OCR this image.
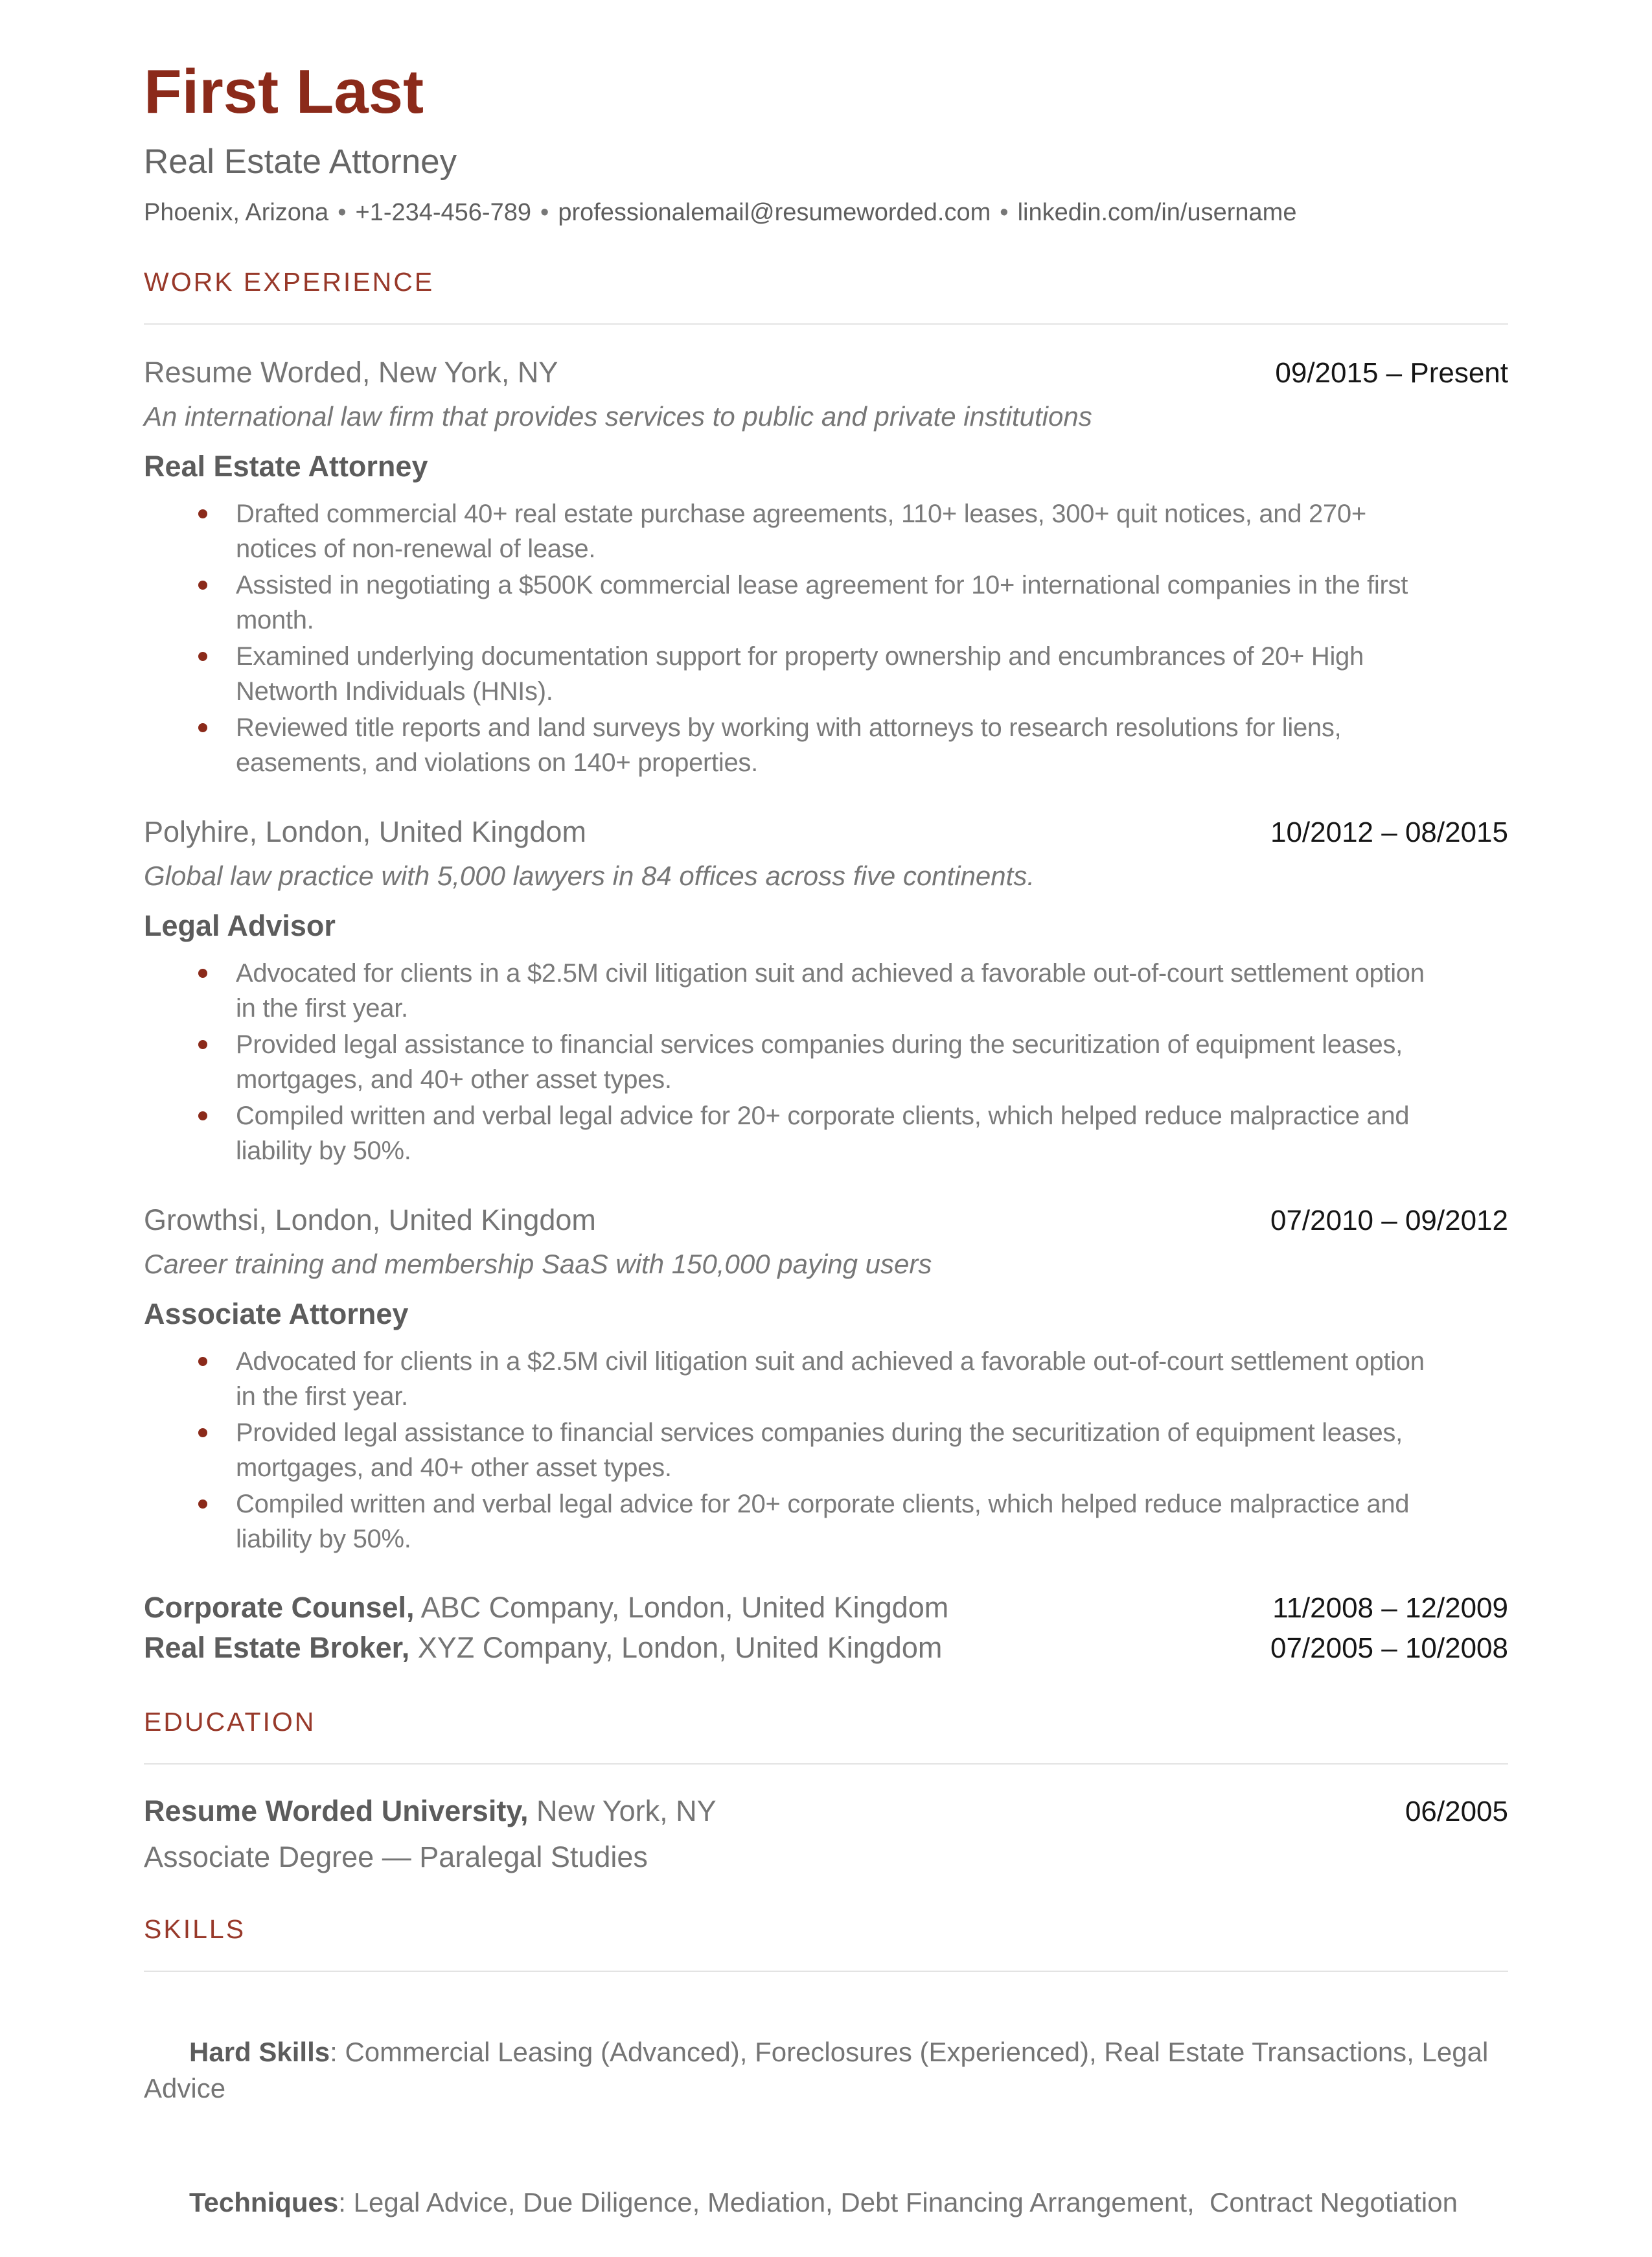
First Last
Real Estate Attorney
Phoenix, Arizona • +1-234-456-789 • professionalemail@resumeworded.com • linkedin.com/in/username
WORK EXPERIENCE
Resume Worded, New York, NY	09/2015 – Present
An international law firm that provides services to public and private institutions
Real Estate Attorney
Drafted commercial 40+ real estate purchase agreements, 110+ leases, 300+ quit notices, and 270+ notices of non-renewal of lease.
Assisted in negotiating a $500K commercial lease agreement for 10+ international companies in the first month.
Examined underlying documentation support for property ownership and encumbrances of 20+ High Networth Individuals (HNIs).
Reviewed title reports and land surveys by working with attorneys to research resolutions for liens, easements, and violations on 140+ properties.
Polyhire, London, United Kingdom	10/2012 – 08/2015
Global law practice with 5,000 lawyers in 84 offices across five continents.
Legal Advisor
Advocated for clients in a $2.5M civil litigation suit and achieved a favorable out-of-court settlement option in the first year.
Provided legal assistance to financial services companies during the securitization of equipment leases, mortgages, and 40+ other asset types.
Compiled written and verbal legal advice for 20+ corporate clients, which helped reduce malpractice and liability by 50%.
Growthsi, London, United Kingdom	07/2010 – 09/2012
Career training and membership SaaS with 150,000 paying users
Associate Attorney
Advocated for clients in a $2.5M civil litigation suit and achieved a favorable out-of-court settlement option in the first year.
Provided legal assistance to financial services companies during the securitization of equipment leases, mortgages, and 40+ other asset types.
Compiled written and verbal legal advice for 20+ corporate clients, which helped reduce malpractice and liability by 50%.
Corporate Counsel, ABC Company, London, United Kingdom	11/2008 – 12/2009
Real Estate Broker, XYZ Company, London, United Kingdom	07/2005 – 10/2008
EDUCATION
Resume Worded University, New York, NY	06/2005
Associate Degree — Paralegal Studies
SKILLS

Hard Skills: Commercial Leasing (Advanced), Foreclosures (Experienced), Real Estate Transactions, Legal Advice

Techniques: Legal Advice, Due Diligence, Mediation, Debt Financing Arrangement,  Contract Negotiation
